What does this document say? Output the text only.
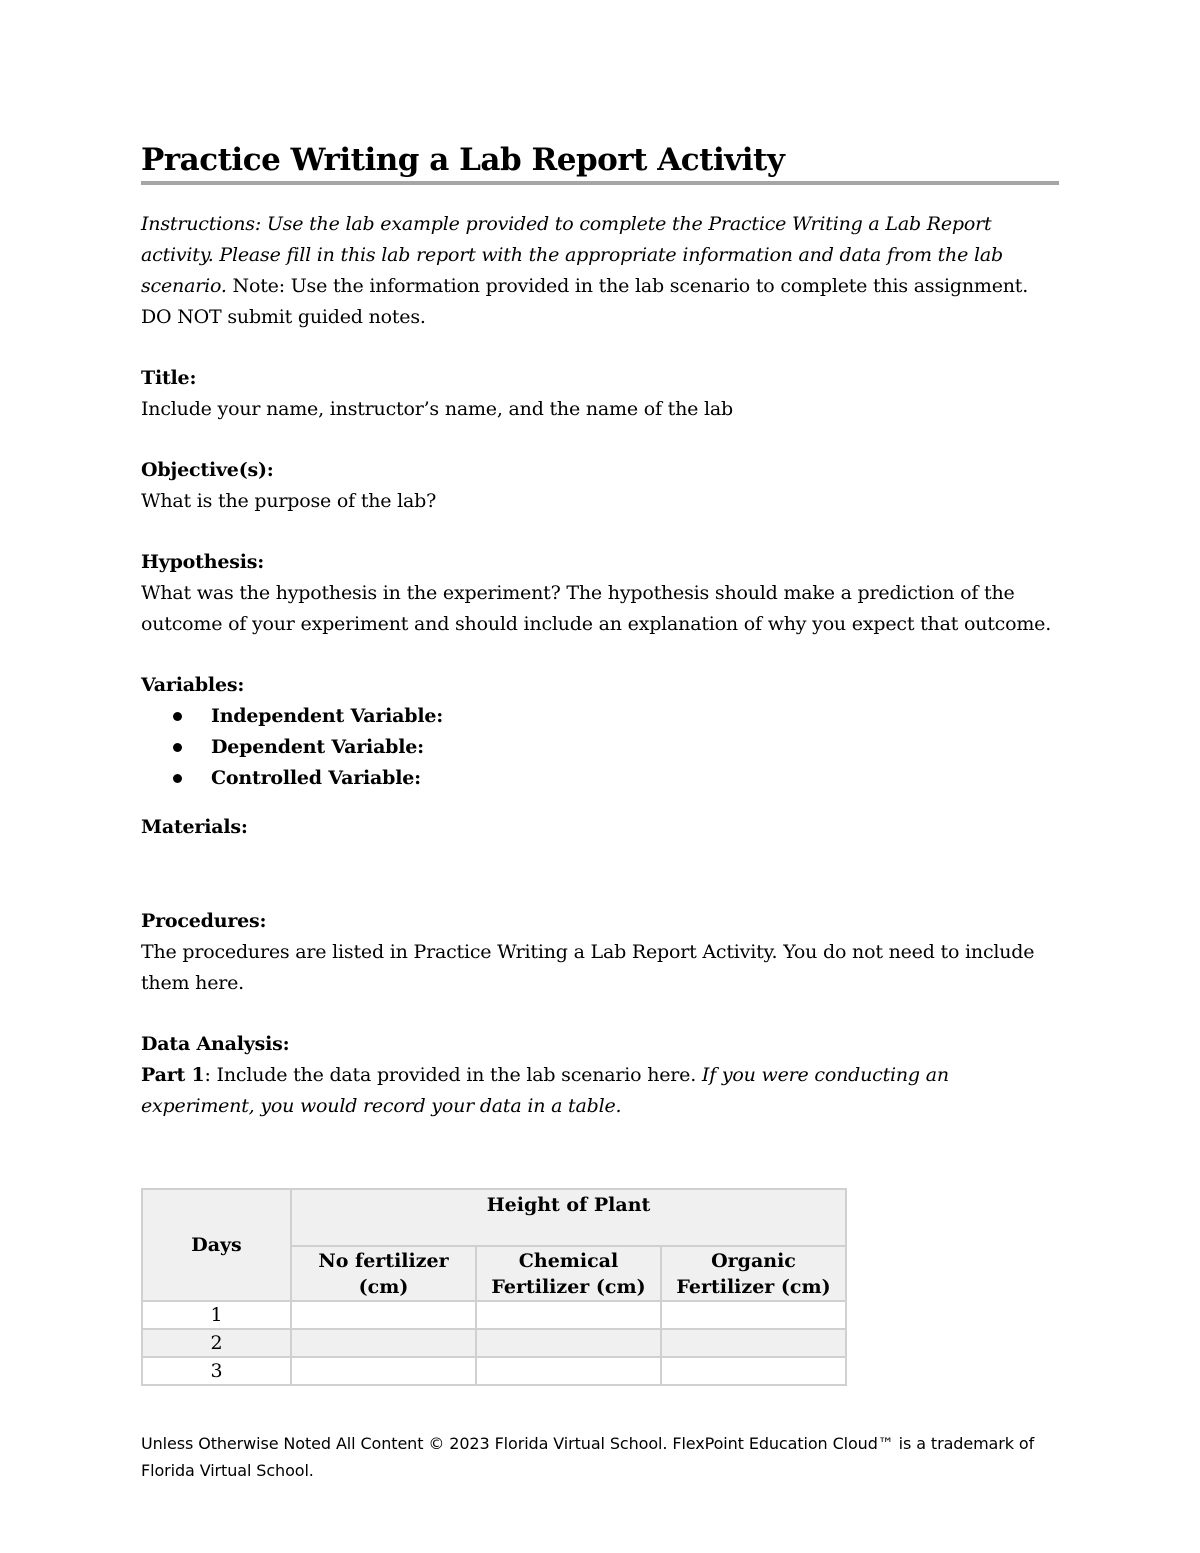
Practice Writing a Lab Report Activity
Instructions: Use the lab example provided to complete the Practice Writing a Lab Report activity. Please fill in this lab report with the appropriate information and data from the lab scenario. Note: Use the information provided in the lab scenario to complete this assignment. DO NOT submit guided notes.
Title:
Include your name, instructor’s name, and the name of the lab
Objective(s):
What is the purpose of the lab?
Hypothesis:
What was the hypothesis in the experiment? The hypothesis should make a prediction of the outcome of your experiment and should include an explanation of why you expect that outcome.
Variables:
Independent Variable:
Dependent Variable:
Controlled Variable:
Materials:
Procedures:
The procedures are listed in Practice Writing a Lab Report Activity. You do not need to include them here.
Data Analysis:
Part 1: Include the data provided in the lab scenario here. If you were conducting an experiment, you would record your data in a table.
Days	Height of Plant		
	No fertilizer (cm)	Chemical Fertilizer (cm)	Organic Fertilizer (cm)
1			
2			
3			
Unless Otherwise Noted All Content © 2023 Florida Virtual School. FlexPoint Education Cloud™ is a trademark of Florida Virtual School.
